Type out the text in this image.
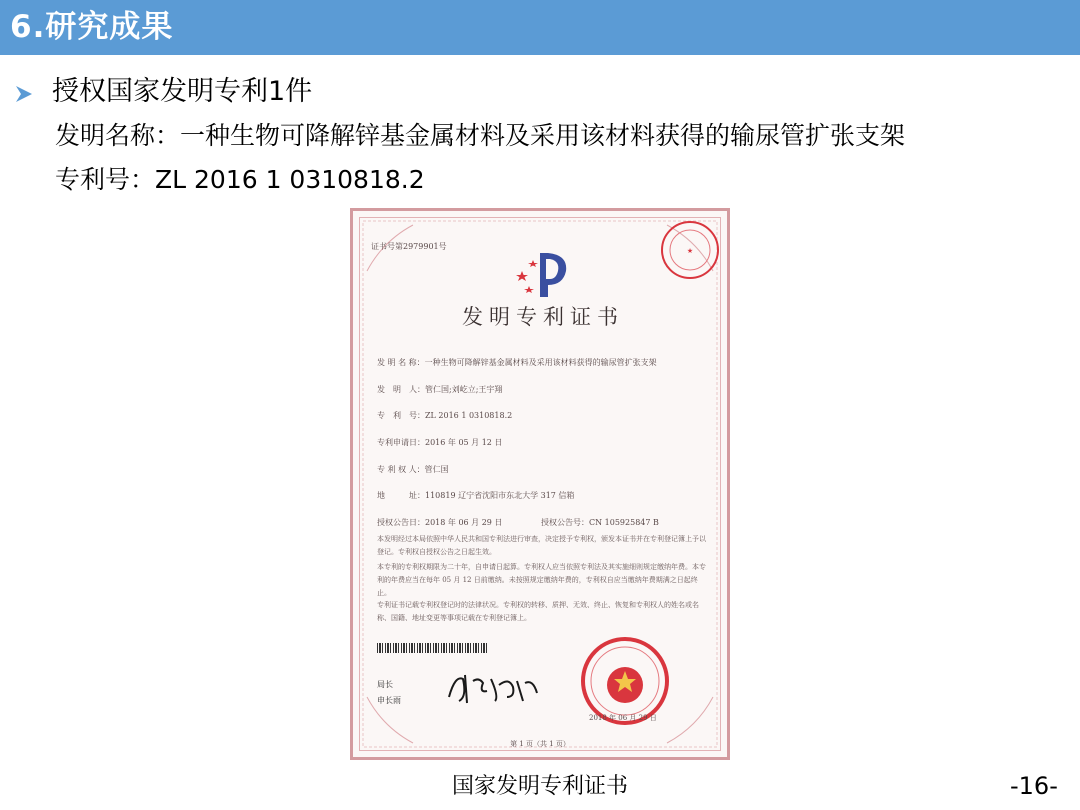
6.研究成果
授权国家发明专利1件
发明名称：一种生物可降解锌基金属材料及采用该材料获得的输尿管扩张支架
专利号：ZL 2016 1 0310818.2
证书号第2979901号
发明专利证书
★
发 明 名 称：一种生物可降解锌基金属材料及采用该材料获得的输尿管扩张支架
发　明　人：管仁国;刘屹立;王宇翔
专　利　号：ZL 2016 1 0310818.2
专利申请日：2016 年 05 月 12 日
专 利 权 人：管仁国
地　　　址：110819 辽宁省沈阳市东北大学 317 信箱
授权公告日：2018 年 06 月 29 日	授权公告号：CN 105925847 B
本发明经过本局依照中华人民共和国专利法进行审查，决定授予专利权，颁发本证书并在专利登记簿上予以登记。专利权自授权公告之日起生效。
本专利的专利权期限为二十年，自申请日起算。专利权人应当依照专利法及其实施细则规定缴纳年费。本专利的年费应当在每年 05 月 12 日前缴纳。未按照规定缴纳年费的，专利权自应当缴纳年费期满之日起终止。
专利证书记载专利权登记时的法律状况。专利权的转移、质押、无效、终止、恢复和专利权人的姓名或名称、国籍、地址变更等事项记载在专利登记簿上。
局长
申长雨
2018 年 06 月 29 日
第 1 页（共 1 页）
国家发明专利证书	-16-
